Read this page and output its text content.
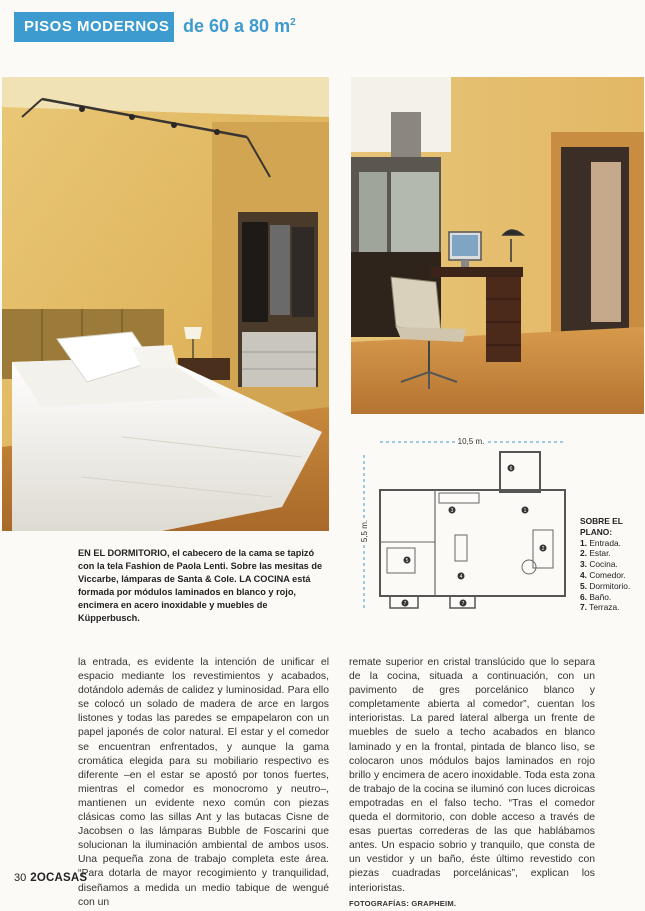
PISOS MODERNOS de 60 a 80 $m^2$
EN EL DORMITORIO, el cabecero de la cama se tapizó con la tela Fashion de Paola Lenti. Sobre las mesitas de Viccarbe, lámparas de Santa & Cole. LA COCINA está formada por módulos laminados en blanco y rojo, encimera en acero inoxidable y muebles de Küpperbusch.
10,5 m.
5,5 m.
1
2
3
4
5
6
7	7
SOBRE EL
PLANO:
1. Entrada.
2. Estar.
3. Cocina.
4. Comedor.
5. Dormitorio.
6. Baño.
7. Terraza.
la entrada, es evidente la intención de unificar el espacio mediante los revestimientos y acabados, dotándolo además de calidez y luminosidad. Para ello se colocó un solado de madera de arce en largos listones y todas las paredes se empapelaron con un papel japonés de color natural. El estar y el comedor se encuentran enfrentados, y aunque la gama cromática elegida para su mobiliario respectivo es diferente –en el estar se apostó por tonos fuertes, mientras el comedor es monocromo y neutro–, mantienen un evidente nexo común con piezas clásicas como las sillas Ant y las butacas Cisne de Jacobsen o las lámparas Bubble de Foscarini que solucionan la iluminación ambiental de ambos usos. Una pequeña zona de trabajo completa este área. “Para dotarla de mayor recogimiento y tranquilidad, diseñamos a medida un medio tabique de wengué con un
remate superior en cristal translúcido que lo separa de la cocina, situada a continuación, con un pavimento de gres porcelánico blanco y completamente abierta al comedor”, cuentan los interioristas. La pared lateral alberga un frente de muebles de suelo a techo acabados en blanco laminado y en la frontal, pintada de blanco liso, se colocaron unos módulos bajos laminados en rojo brillo y encimera de acero inoxidable. Toda esta zona de trabajo de la cocina se iluminó con luces dicroicas empotradas en el falso techo. “Tras el comedor queda el dormitorio, con doble acceso a través de esas puertas correderas de las que hablábamos antes. Un espacio sobrio y tranquilo, que consta de un vestidor y un baño, éste último revestido con piezas cuadradas porcelánicas”, explican los interioristas.
FOTOGRAFÍAS: GRAPHEIM.
30 2OCASAS
